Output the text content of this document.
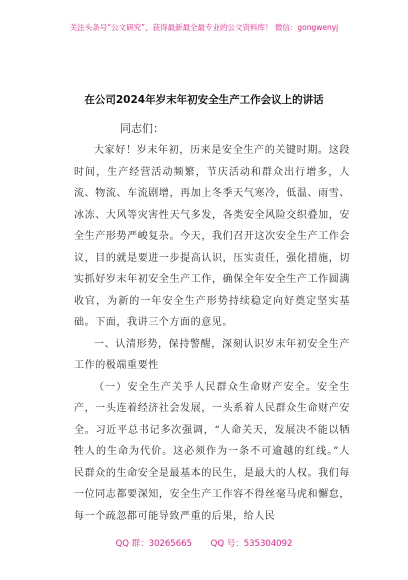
关注头条号“公文研究”，获得最新最全最专业的公文资料库！ 微信：gongwenyj
在公司2024年岁末年初安全生产工作会议上的讲话
同志们：

大家好！岁末年初，历来是安全生产的关键时期。这段时间，生产经营活动频繁，节庆活动和群众出行增多，人流、物流、车流剧增，再加上冬季天气寒冷，低温、雨雪、冰冻、大风等灾害性天气多发，各类安全风险交织叠加，安全生产形势严峻复杂。今天，我们召开这次安全生产工作会议，目的就是要进一步提高认识，压实责任，强化措施，切实抓好岁末年初安全生产工作，确保全年安全生产工作圆满收官，为新的一年安全生产形势持续稳定向好奠定坚实基础。下面，我讲三个方面的意见。

一、认清形势，保持警醒，深刻认识岁末年初安全生产工作的极端重要性

（一）安全生产关乎人民群众生命财产安全。安全生产，一头连着经济社会发展，一头系着人民群众生命财产安全。习近平总书记多次强调，“人命关天，发展决不能以牺牲人的生命为代价。这必须作为一条不可逾越的红线。”人民群众的生命安全是最基本的民生，是最大的人权。我们每一位同志都要深知，安全生产工作容不得丝毫马虎和懈怠，每一个疏忽都可能导致严重的后果，给人民

QQ 群：30265665 QQ 号：535304092
